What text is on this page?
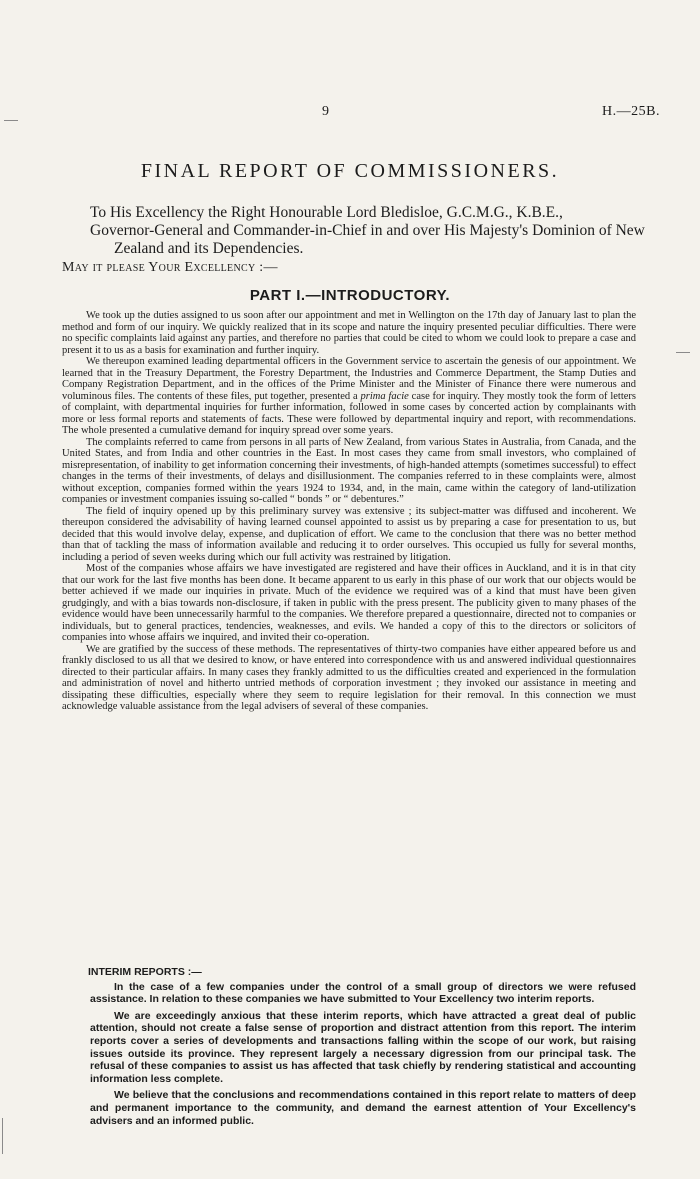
9	H.—25B.
FINAL REPORT OF COMMISSIONERS.
To His Excellency the Right Honourable Lord Bledisloe, G.C.M.G., K.B.E.,
Governor-General and Commander-in-Chief in and over His Majesty's Dominion of New Zealand and its Dependencies.
May it please Your Excellency :—
PART I.—INTRODUCTORY.

We took up the duties assigned to us soon after our appointment and met in Wellington on the 17th day of January last to plan the method and form of our inquiry. We quickly realized that in its scope and nature the inquiry presented peculiar difficulties. There were no specific complaints laid against any parties, and therefore no parties that could be cited to whom we could look to prepare a case and present it to us as a basis for examination and further inquiry.

We thereupon examined leading departmental officers in the Government service to ascertain the genesis of our appointment. We learned that in the Treasury Department, the Forestry Department, the Industries and Commerce Department, the Stamp Duties and Company Registration Department, and in the offices of the Prime Minister and the Minister of Finance there were numerous and voluminous files. The contents of these files, put together, presented a prima facie case for inquiry. They mostly took the form of letters of complaint, with departmental inquiries for further information, followed in some cases by concerted action by complainants with more or less formal reports and statements of facts. These were followed by departmental inquiry and report, with recommendations. The whole presented a cumulative demand for inquiry spread over some years.

The complaints referred to came from persons in all parts of New Zealand, from various States in Australia, from Canada, and the United States, and from India and other countries in the East. In most cases they came from small investors, who complained of misrepresentation, of inability to get information concerning their investments, of high-handed attempts (sometimes successful) to effect changes in the terms of their investments, of delays and disillusionment. The companies referred to in these complaints were, almost without exception, companies formed within the years 1924 to 1934, and, in the main, came within the category of land-utilization companies or investment companies issuing so-called “ bonds ” or “ debentures.”

The field of inquiry opened up by this preliminary survey was extensive ; its subject-matter was diffused and incoherent. We thereupon considered the advisability of having learned counsel appointed to assist us by preparing a case for presentation to us, but decided that this would involve delay, expense, and duplication of effort. We came to the conclusion that there was no better method than that of tackling the mass of information available and reducing it to order ourselves. This occupied us fully for several months, including a period of seven weeks during which our full activity was restrained by litigation.

Most of the companies whose affairs we have investigated are registered and have their offices in Auckland, and it is in that city that our work for the last five months has been done. It became apparent to us early in this phase of our work that our objects would be better achieved if we made our inquiries in private. Much of the evidence we required was of a kind that must have been given grudgingly, and with a bias towards non-disclosure, if taken in public with the press present. The publicity given to many phases of the evidence would have been unnecessarily harmful to the companies. We therefore prepared a questionnaire, directed not to companies or individuals, but to general practices, tendencies, weaknesses, and evils. We handed a copy of this to the directors or solicitors of companies into whose affairs we inquired, and invited their co-operation.

We are gratified by the success of these methods. The representatives of thirty-two companies have either appeared before us and frankly disclosed to us all that we desired to know, or have entered into correspondence with us and answered individual questionnaires directed to their particular affairs. In many cases they frankly admitted to us the difficulties created and experienced in the formulation and administration of novel and hitherto untried methods of corporation investment ; they invoked our assistance in meeting and dissipating these difficulties, especially where they seem to require legislation for their removal. In this connection we must acknowledge valuable assistance from the legal advisers of several of these companies.

INTERIM REPORTS :—

In the case of a few companies under the control of a small group of directors we were refused assistance. In relation to these companies we have submitted to Your Excellency two interim reports.

We are exceedingly anxious that these interim reports, which have attracted a great deal of public attention, should not create a false sense of proportion and distract attention from this report. The interim reports cover a series of developments and transactions falling within the scope of our work, but raising issues outside its province. They represent largely a necessary digression from our principal task. The refusal of these companies to assist us has affected that task chiefly by rendering statistical and accounting information less complete.

We believe that the conclusions and recommendations contained in this report relate to matters of deep and permanent importance to the community, and demand the earnest attention of Your Excellency's advisers and an informed public.
